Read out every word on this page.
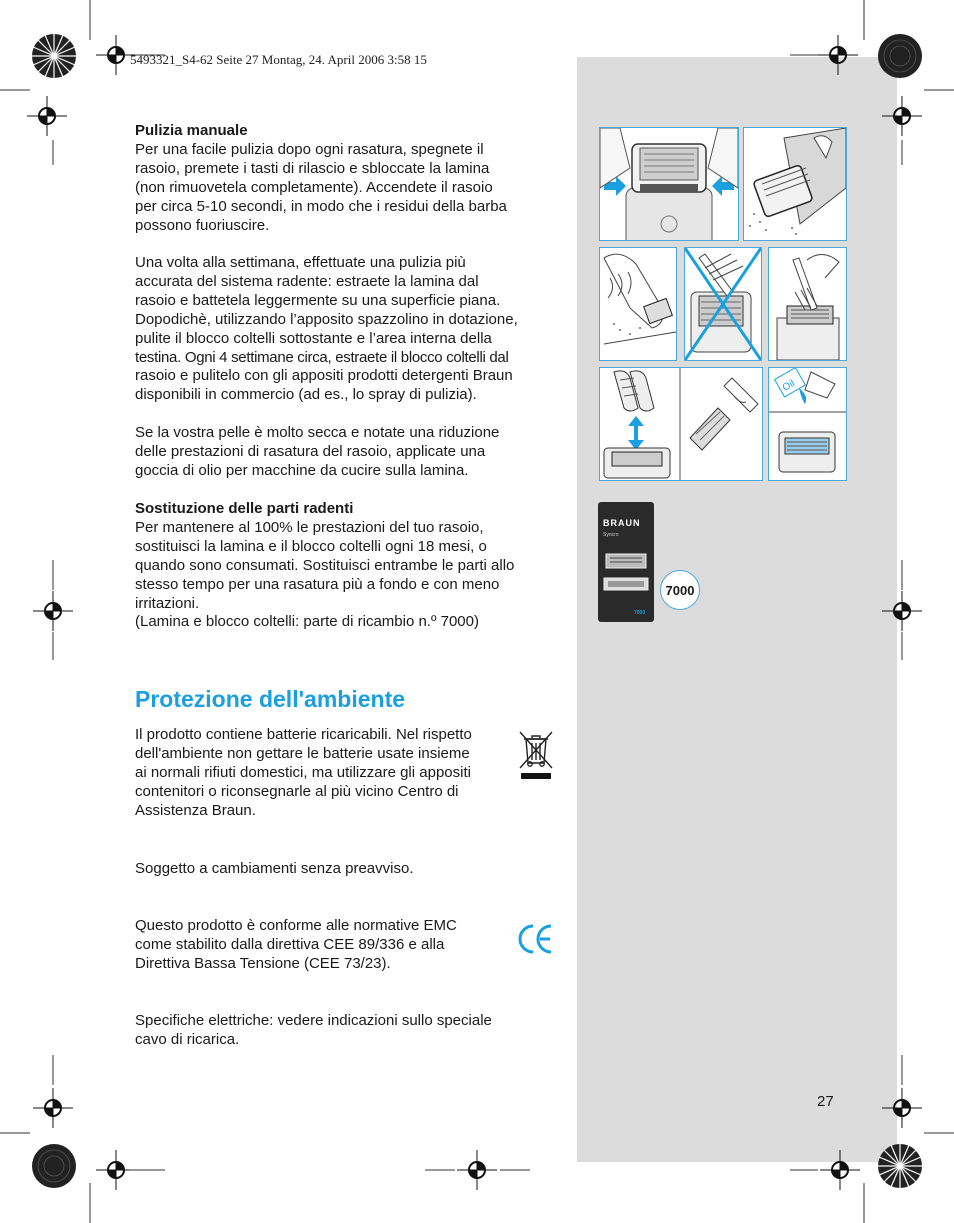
5493321_S4-62 Seite 27 Montag, 24. April 2006 3:58 15

Pulizia manuale

Per una facile pulizia dopo ogni rasatura, spegnete il

rasoio, premete i tasti di rilascio e sbloccate la lamina

(non rimuovetela completamente). Accendete il rasoio

per circa 5-10 secondi, in modo che i residui della barba

possono fuoriuscire.

Una volta alla settimana, effettuate una pulizia più

accurata del sistema radente: estraete la lamina dal

rasoio e battetela leggermente su una superficie piana.

Dopodichè, utilizzando l’apposito spazzolino in dotazione,

pulite il blocco coltelli sottostante e l’area interna della

testina. Ogni 4 settimane circa, estraete il blocco coltelli dal

rasoio e pulitelo con gli appositi prodotti detergenti Braun

disponibili in commercio (ad es., lo spray di pulizia).

Se la vostra pelle è molto secca e notate una riduzione

delle prestazioni di rasatura del rasoio, applicate una

goccia di olio per macchine da cucire sulla lamina.

Sostituzione delle parti radenti

Per mantenere al 100% le prestazioni del tuo rasoio,

sostituisci la lamina e il blocco coltelli ogni 18 mesi, o

quando sono consumati. Sostituisci entrambe le parti allo

stesso tempo per una rasatura più a fondo e con meno

irritazioni.

(Lamina e blocco coltelli: parte di ricambio n.º 7000)

Protezione dell'ambiente

Il prodotto contiene batterie ricaricabili. Nel rispetto

dell'ambiente non gettare le batterie usate insieme

ai normali rifiuti domestici, ma utilizzare gli appositi

contenitori o riconsegnarle al più vicino Centro di

Assistenza Braun.

Soggetto a cambiamenti senza preavviso.

Questo prodotto è conforme alle normative EMC

come stabilito dalla direttiva CEE 89/336 e alla

Direttiva Bassa Tensione (CEE 73/23).

Specifiche elettriche: vedere indicazioni sullo speciale

cavo di ricarica.

Oil
BRAUN
Syncro
7000
7000
27
